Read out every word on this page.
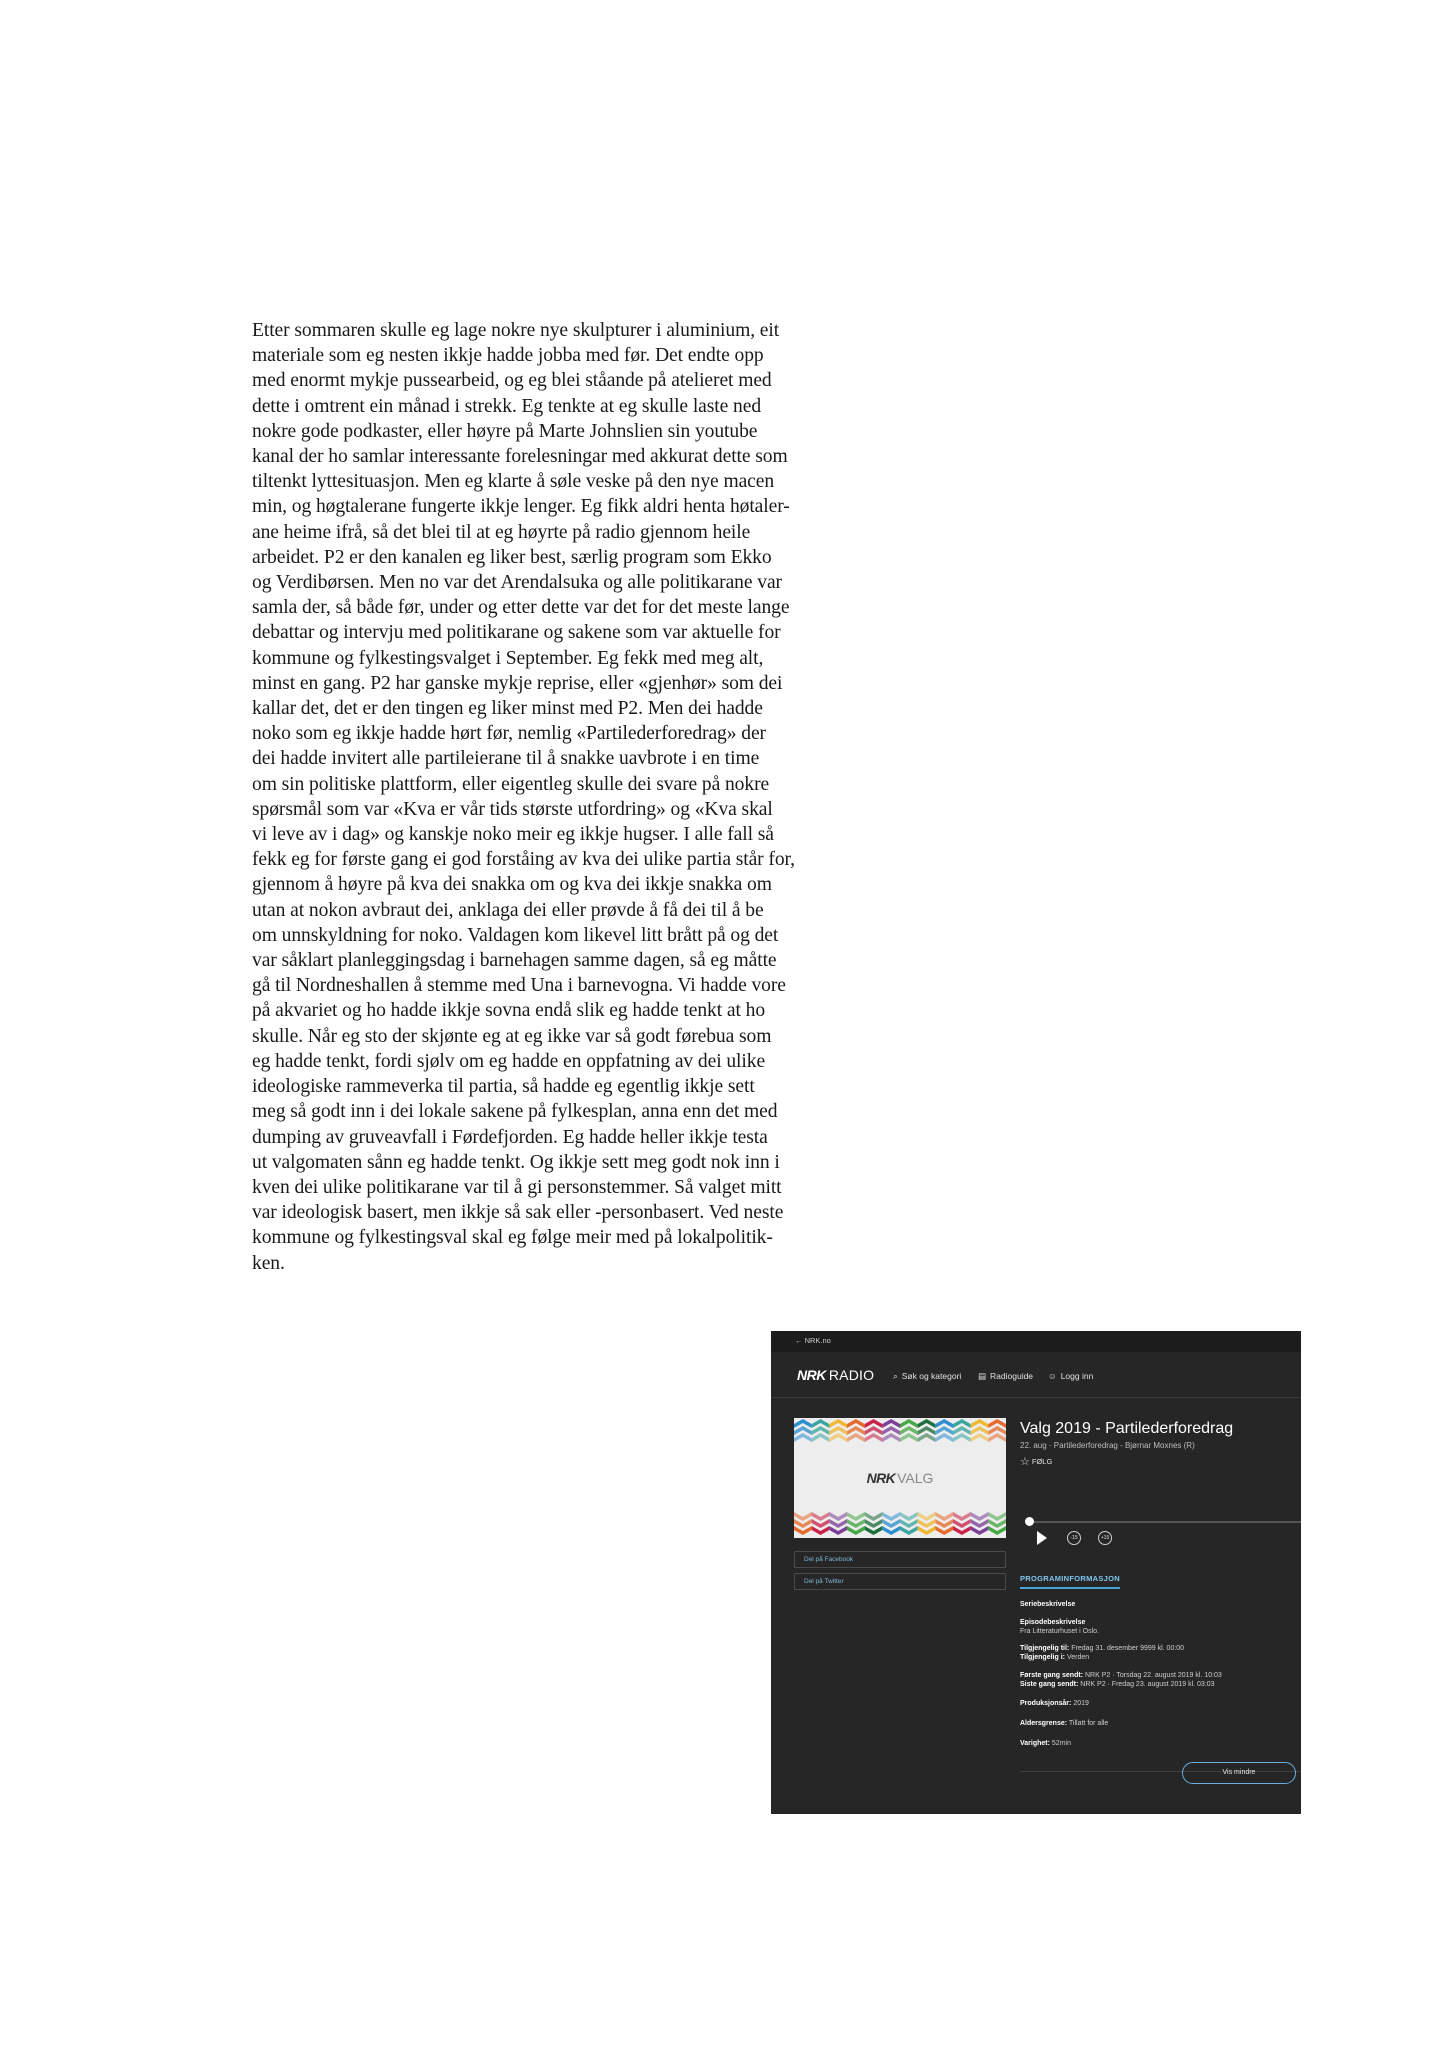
Etter sommaren skulle eg lage nokre nye skulpturer i aluminium, eit
materiale som eg nesten ikkje hadde jobba med før. Det endte opp
med enormt mykje pussearbeid, og eg blei ståande på atelieret med
dette i omtrent ein månad i strekk. Eg tenkte at eg skulle laste ned
nokre gode podkaster, eller høyre på Marte Johnslien sin youtube
kanal der ho samlar interessante forelesningar med akkurat dette som
tiltenkt lyttesituasjon. Men eg klarte å søle veske på den nye macen
min, og høgtalerane fungerte ikkje lenger. Eg fikk aldri henta høtaler-
ane heime ifrå, så det blei til at eg høyrte på radio gjennom heile
arbeidet. P2 er den kanalen eg liker best, særlig program som Ekko
og Verdibørsen. Men no var det Arendalsuka og alle politikarane var
samla der, så både før, under og etter dette var det for det meste lange
debattar og intervju med politikarane og sakene som var aktuelle for
kommune og fylkestingsvalget i September. Eg fekk med meg alt,
minst en gang. P2 har ganske mykje reprise, eller «gjenhør» som dei
kallar det, det er den tingen eg liker minst med P2. Men dei hadde
noko som eg ikkje hadde hørt før, nemlig «Partilederforedrag» der
dei hadde invitert alle partileierane til å snakke uavbrote i en time
om sin politiske plattform, eller eigentleg skulle dei svare på nokre
spørsmål som var «Kva er vår tids største utfordring» og «Kva skal
vi leve av i dag» og kanskje noko meir eg ikkje hugser. I alle fall så
fekk eg for første gang ei god forståing av kva dei ulike partia står for,
gjennom å høyre på kva dei snakka om og kva dei ikkje snakka om
utan at nokon avbraut dei, anklaga dei eller prøvde å få dei til å be
om unnskyldning for noko. Valdagen kom likevel litt brått på og det
var såklart planleggingsdag i barnehagen samme dagen, så eg måtte
gå til Nordneshallen å stemme med Una i barnevogna. Vi hadde vore
på akvariet og ho hadde ikkje sovna endå slik eg hadde tenkt at ho
skulle. Når eg sto der skjønte eg at eg ikke var så godt førebua som
eg hadde tenkt, fordi sjølv om eg hadde en oppfatning av dei ulike
ideologiske rammeverka til partia, så hadde eg egentlig ikkje sett
meg så godt inn i dei lokale sakene på fylkesplan, anna enn det med
dumping av gruveavfall i Førdefjorden. Eg hadde heller ikkje testa
ut valgomaten sånn eg hadde tenkt. Og ikkje sett meg godt nok inn i
kven dei ulike politikarane var til å gi personstemmer. Så valget mitt
var ideologisk basert, men ikkje så sak eller -personbasert. Ved neste
kommune og fylkestingsval skal eg følge meir med på lokalpolitik-
ken.
← NRK.no
NRK RADIO ⌕ Søk og kategori ▤ Radioguide ☺ Logg inn
NRK VALG
Del på Facebook
Del på Twitter
Valg 2019 - Partilederforedrag
22. aug · Partilederforedrag - Bjørnar Moxnes (R)
☆ FØLG
-15	+15
PROGRAMINFORMASJON
Seriebeskrivelse
Episodebeskrivelse
Fra Litteraturhuset i Oslo.
Tilgjengelig til: Fredag 31. desember 9999 kl. 00:00
Tilgjengelig i: Verden
Første gang sendt: NRK P2 · Torsdag 22. august 2019 kl. 10:03
Siste gang sendt: NRK P2 · Fredag 23. august 2019 kl. 03:03
Produksjonsår: 2019
Aldersgrense: Tillatt for alle
Varighet: 52min
Vis mindre
